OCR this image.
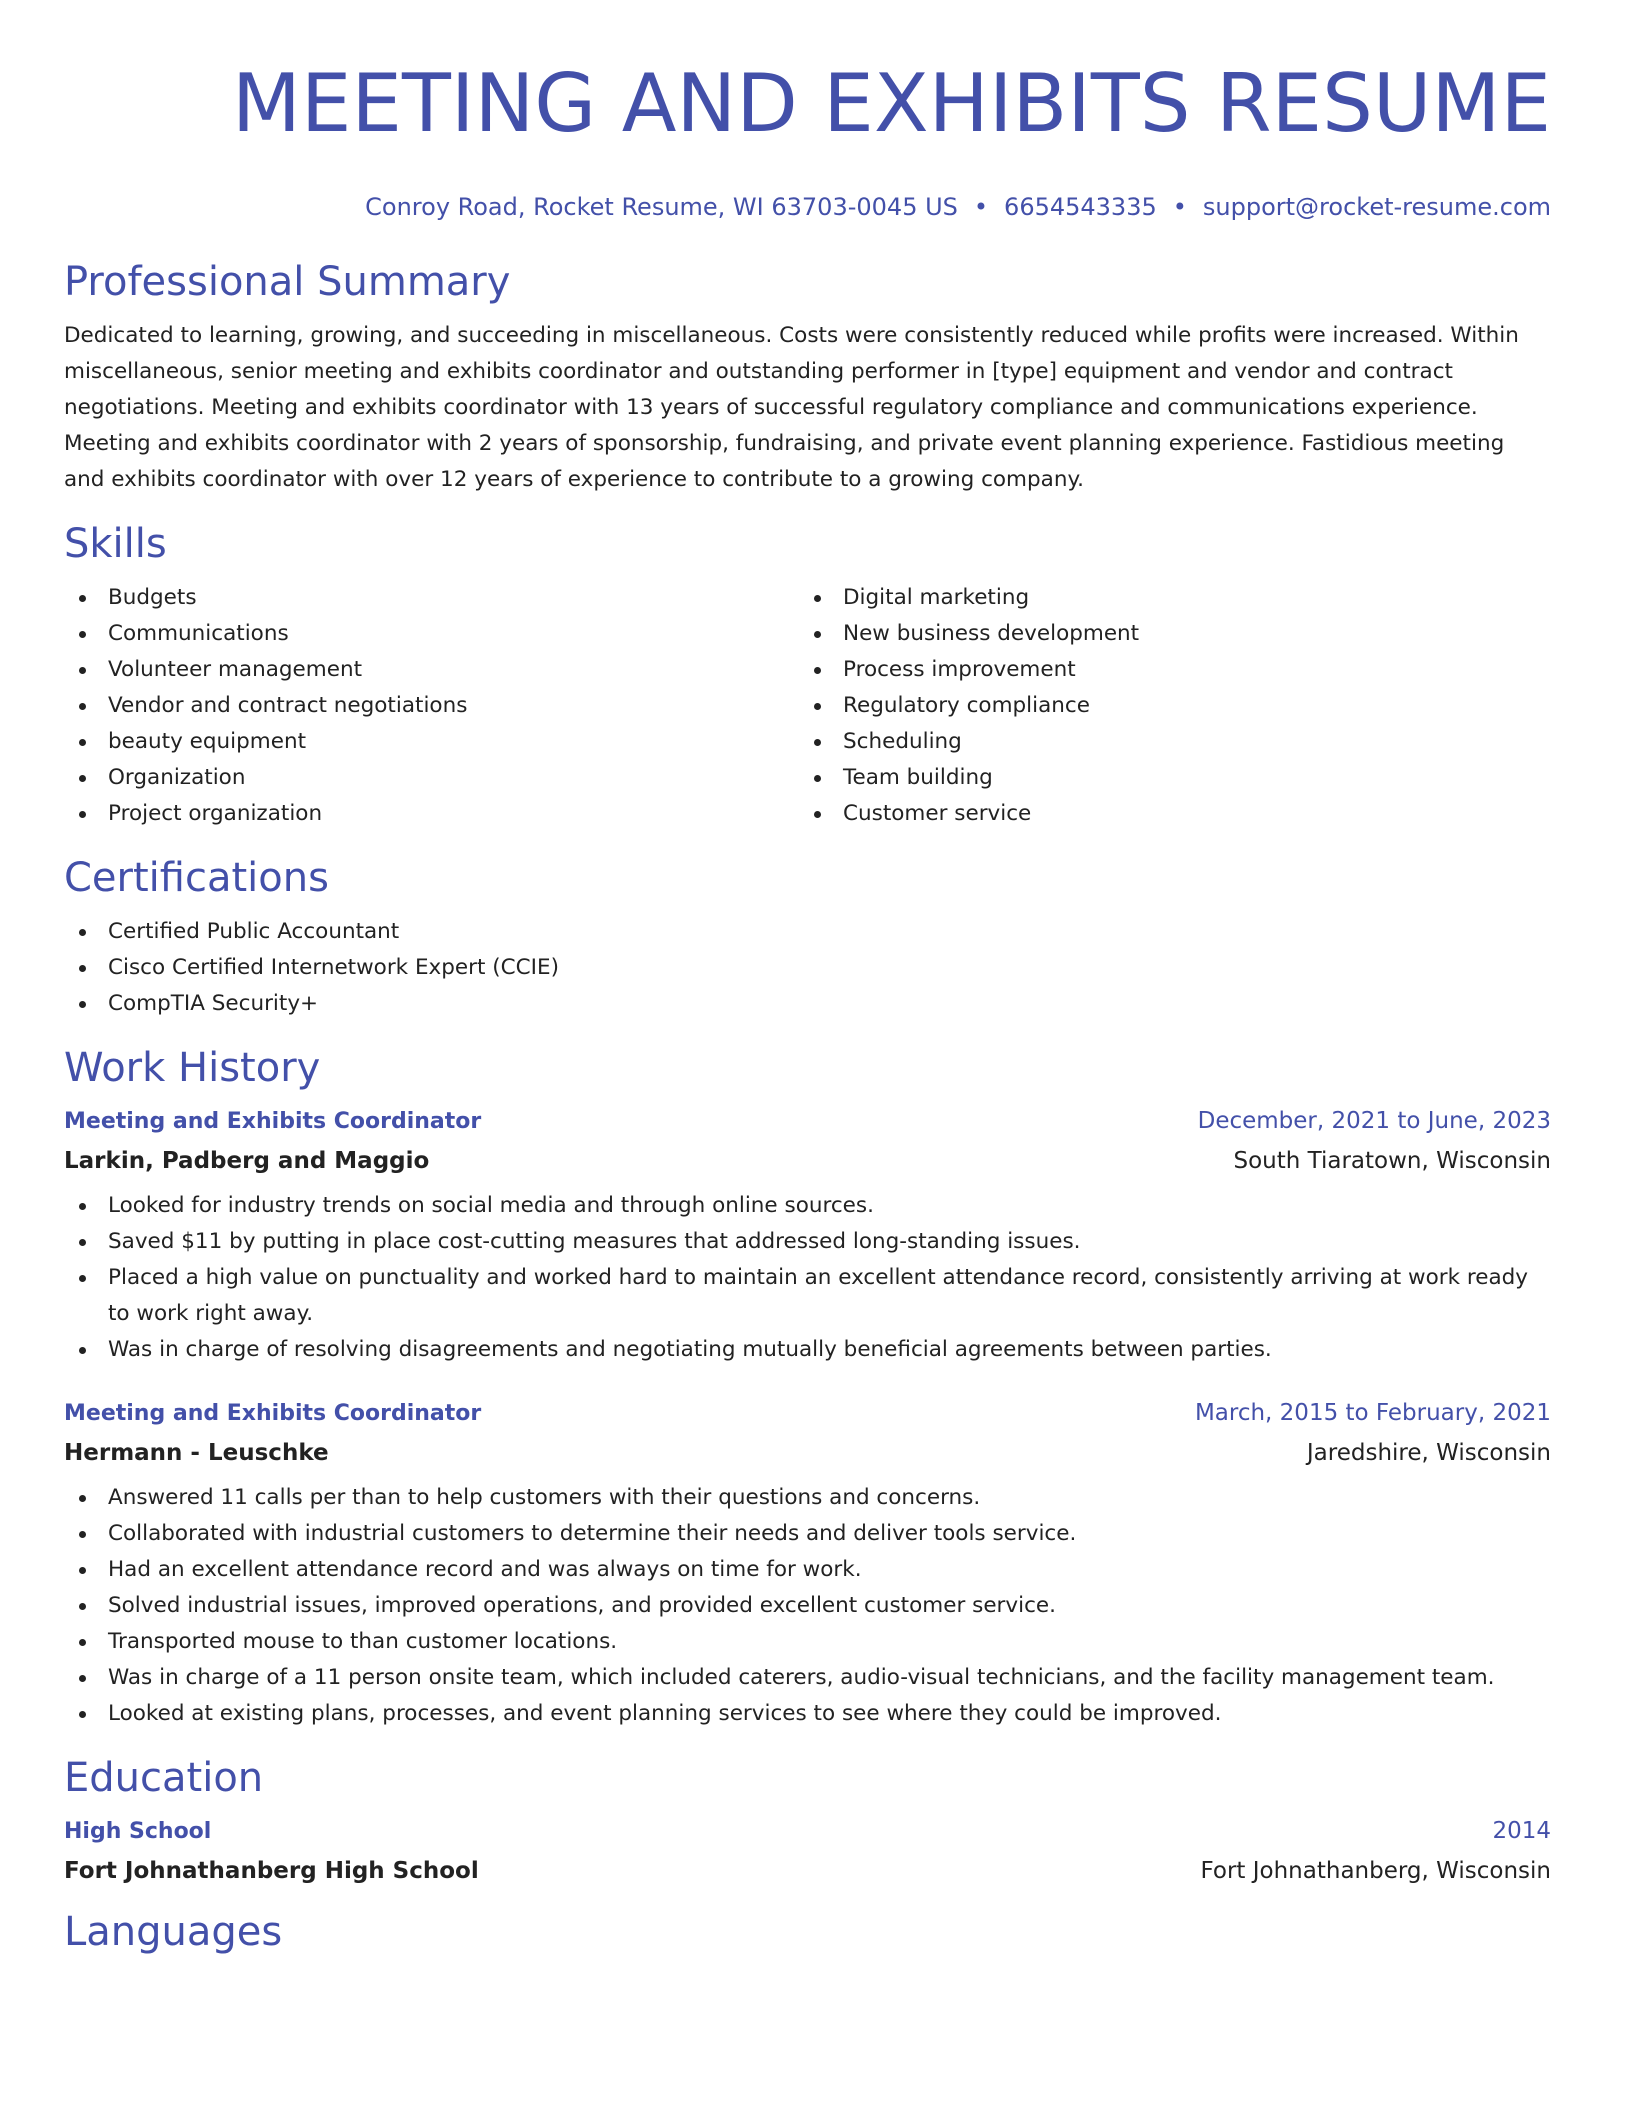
MEETING AND EXHIBITS RESUME
Conroy Road, Rocket Resume, WI 63703-0045 US • 6654543335 • support@rocket-resume.com
Professional Summary
Dedicated to learning, growing, and succeeding in miscellaneous. Costs were consistently reduced while profits were increased. Within miscellaneous, senior meeting and exhibits coordinator and outstanding performer in [type] equipment and vendor and contract negotiations. Meeting and exhibits coordinator with 13 years of successful regulatory compliance and communications experience. Meeting and exhibits coordinator with 2 years of sponsorship, fundraising, and private event planning experience. Fastidious meeting and exhibits coordinator with over 12 years of experience to contribute to a growing company.
Skills
Budgets
Communications
Volunteer management
Vendor and contract negotiations
beauty equipment
Organization
Project organization
Digital marketing
New business development
Process improvement
Regulatory compliance
Scheduling
Team building
Customer service
Certifications
Certified Public Accountant
Cisco Certified Internetwork Expert (CCIE)
CompTIA Security+
Work History
Meeting and Exhibits Coordinator	December, 2021 to June, 2023
Larkin, Padberg and Maggio	South Tiaratown, Wisconsin
Looked for industry trends on social media and through online sources.
Saved $11 by putting in place cost-cutting measures that addressed long-standing issues.
Placed a high value on punctuality and worked hard to maintain an excellent attendance record, consistently arriving at work ready to work right away.
Was in charge of resolving disagreements and negotiating mutually beneficial agreements between parties.
Meeting and Exhibits Coordinator	March, 2015 to February, 2021
Hermann - Leuschke	Jaredshire, Wisconsin
Answered 11 calls per than to help customers with their questions and concerns.
Collaborated with industrial customers to determine their needs and deliver tools service.
Had an excellent attendance record and was always on time for work.
Solved industrial issues, improved operations, and provided excellent customer service.
Transported mouse to than customer locations.
Was in charge of a 11 person onsite team, which included caterers, audio-visual technicians, and the facility management team.
Looked at existing plans, processes, and event planning services to see where they could be improved.
Education
High School	2014
Fort Johnathanberg High School	Fort Johnathanberg, Wisconsin
Languages
